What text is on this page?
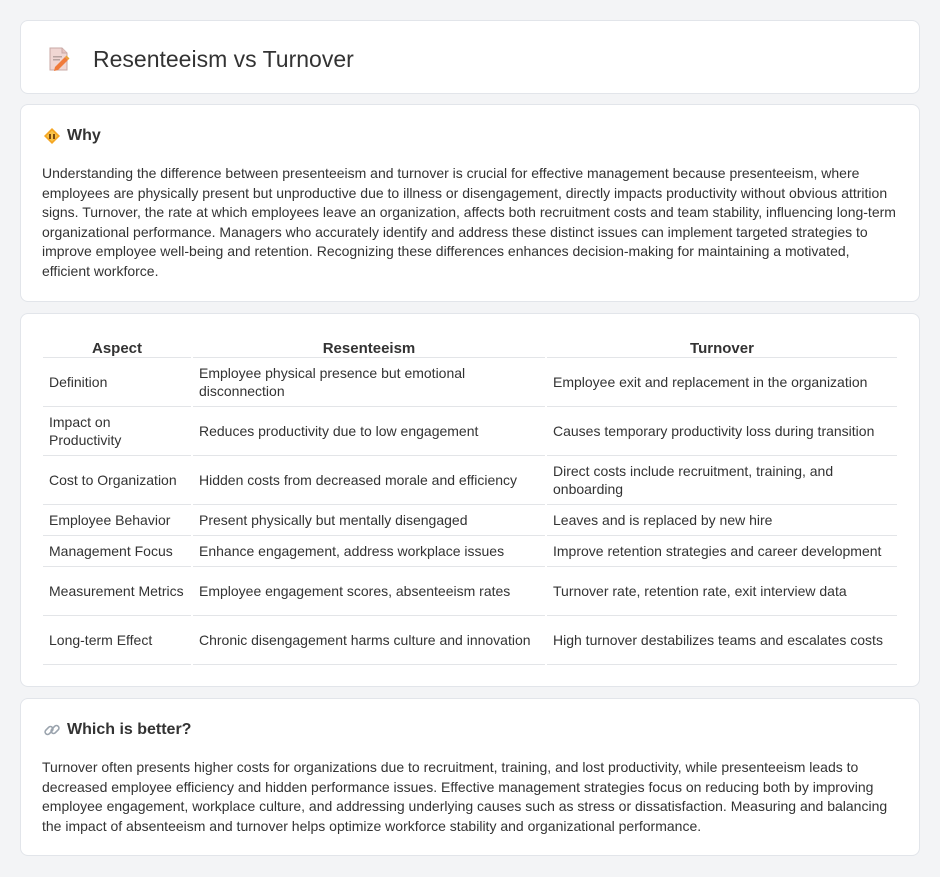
Resenteeism vs Turnover
Why

Understanding the difference between presenteeism and turnover is crucial for effective management because presenteeism, where employees are physically present but unproductive due to illness or disengagement, directly impacts productivity without obvious attrition signs. Turnover, the rate at which employees leave an organization, affects both recruitment costs and team stability, influencing long-term organizational performance. Managers who accurately identify and address these distinct issues can implement targeted strategies to improve employee well-being and retention. Recognizing these differences enhances decision-making for maintaining a motivated, efficient workforce.

Aspect	Resenteeism	Turnover
Definition	Employee physical presence but emotional disconnection	Employee exit and replacement in the organization
Impact on Productivity	Reduces productivity due to low engagement	Causes temporary productivity loss during transition
Cost to Organization	Hidden costs from decreased morale and efficiency	Direct costs include recruitment, training, and onboarding
Employee Behavior	Present physically but mentally disengaged	Leaves and is replaced by new hire
Management Focus	Enhance engagement, address workplace issues	Improve retention strategies and career development
Measurement Metrics	Employee engagement scores, absenteeism rates	Turnover rate, retention rate, exit interview data
Long-term Effect	Chronic disengagement harms culture and innovation	High turnover destabilizes teams and escalates costs
Which is better?

Turnover often presents higher costs for organizations due to recruitment, training, and lost productivity, while presenteeism leads to decreased employee efficiency and hidden performance issues. Effective management strategies focus on reducing both by improving employee engagement, workplace culture, and addressing underlying causes such as stress or dissatisfaction. Measuring and balancing the impact of absenteeism and turnover helps optimize workforce stability and organizational performance.
